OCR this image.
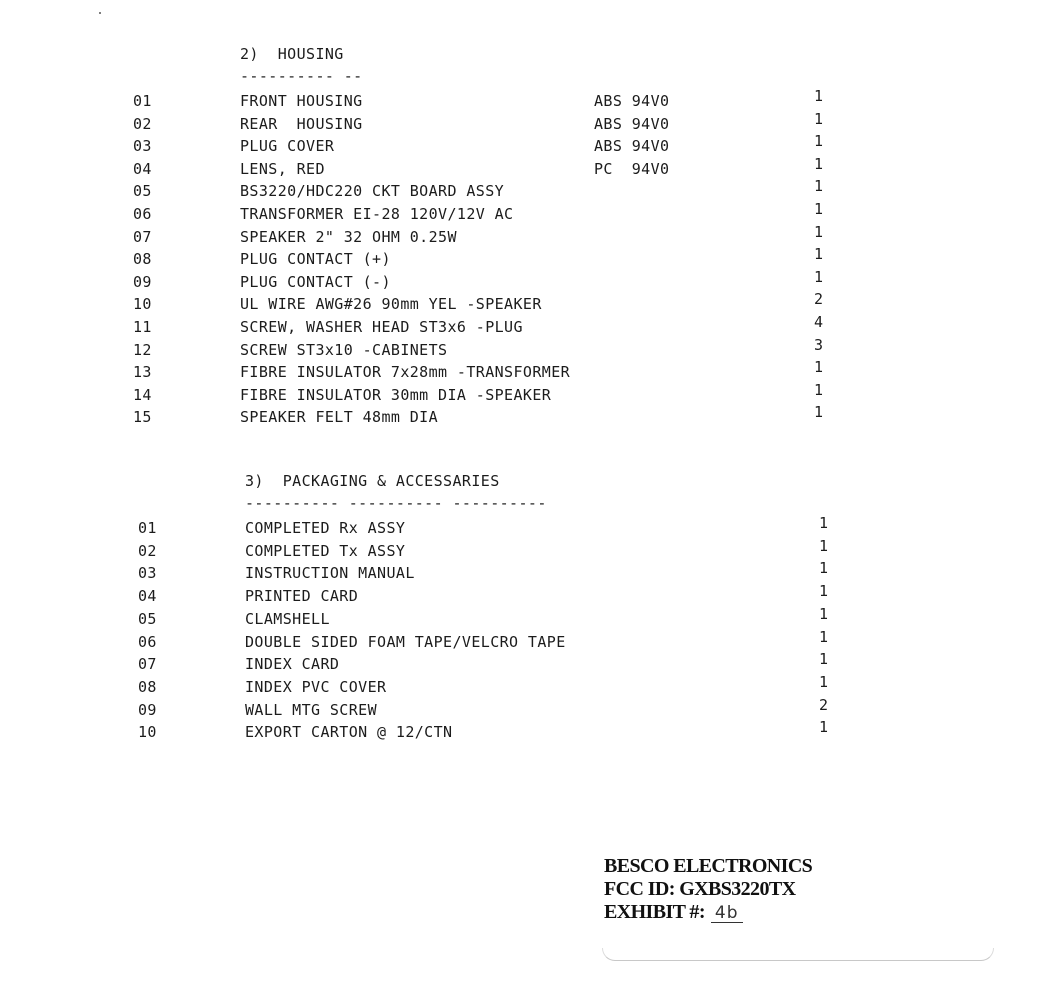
2)  HOUSING
---------- --
01	FRONT HOUSING	ABS 94V0	1
02	REAR  HOUSING	ABS 94V0	1
03	PLUG COVER	ABS 94V0	1
04	LENS, RED	PC  94V0	1
05	BS3220/HDC220 CKT BOARD ASSY	1
06	TRANSFORMER EI-28 120V/12V AC	1
07	SPEAKER 2" 32 OHM 0.25W	1
08	PLUG CONTACT (+)	1
09	PLUG CONTACT (-)	1
10	UL WIRE AWG#26 90mm YEL -SPEAKER	2
11	SCREW, WASHER HEAD ST3x6 -PLUG	4
12	SCREW ST3x10 -CABINETS	3
13	FIBRE INSULATOR 7x28mm -TRANSFORMER	1
14	FIBRE INSULATOR 30mm DIA -SPEAKER	1
15	SPEAKER FELT 48mm DIA	1
3)  PACKAGING & ACCESSARIES
---------- ---------- ----------
01	COMPLETED Rx ASSY	1
02	COMPLETED Tx ASSY	1
03	INSTRUCTION MANUAL	1
04	PRINTED CARD	1
05	CLAMSHELL	1
06	DOUBLE SIDED FOAM TAPE/VELCRO TAPE	1
07	INDEX CARD	1
08	INDEX PVC COVER	1
09	WALL MTG SCREW	2
10	EXPORT CARTON @ 12/CTN	1
BESCO ELECTRONICS
FCC ID: GXBS3220TX
EXHIBIT #: 4b
